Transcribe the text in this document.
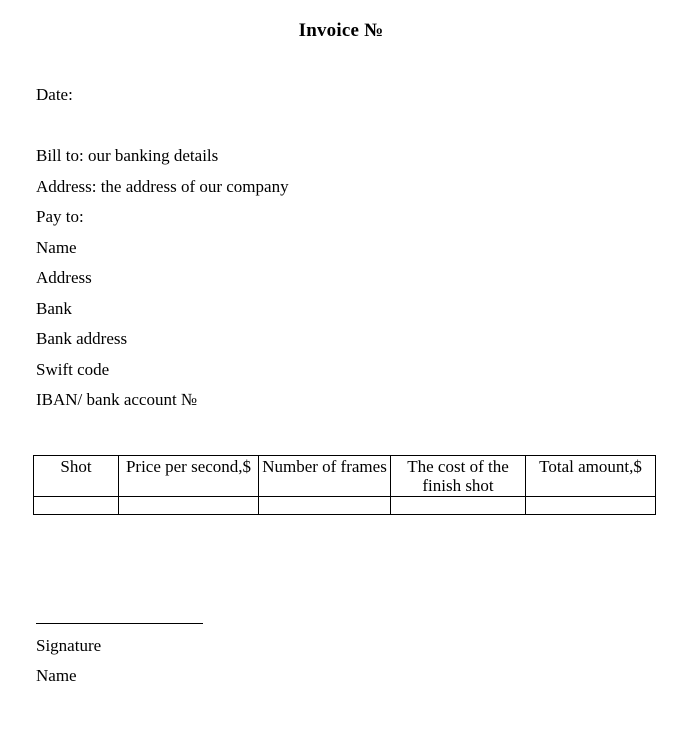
Invoice №

Date:

Bill to: our banking details

Address: the address of our company

Pay to:

Name

Address

Bank

Bank address

Swift code

IBAN/ bank account №

Shot	Price per second,$	Number of frames	The cost of the finish shot	Total amount,$

Signature

Name
